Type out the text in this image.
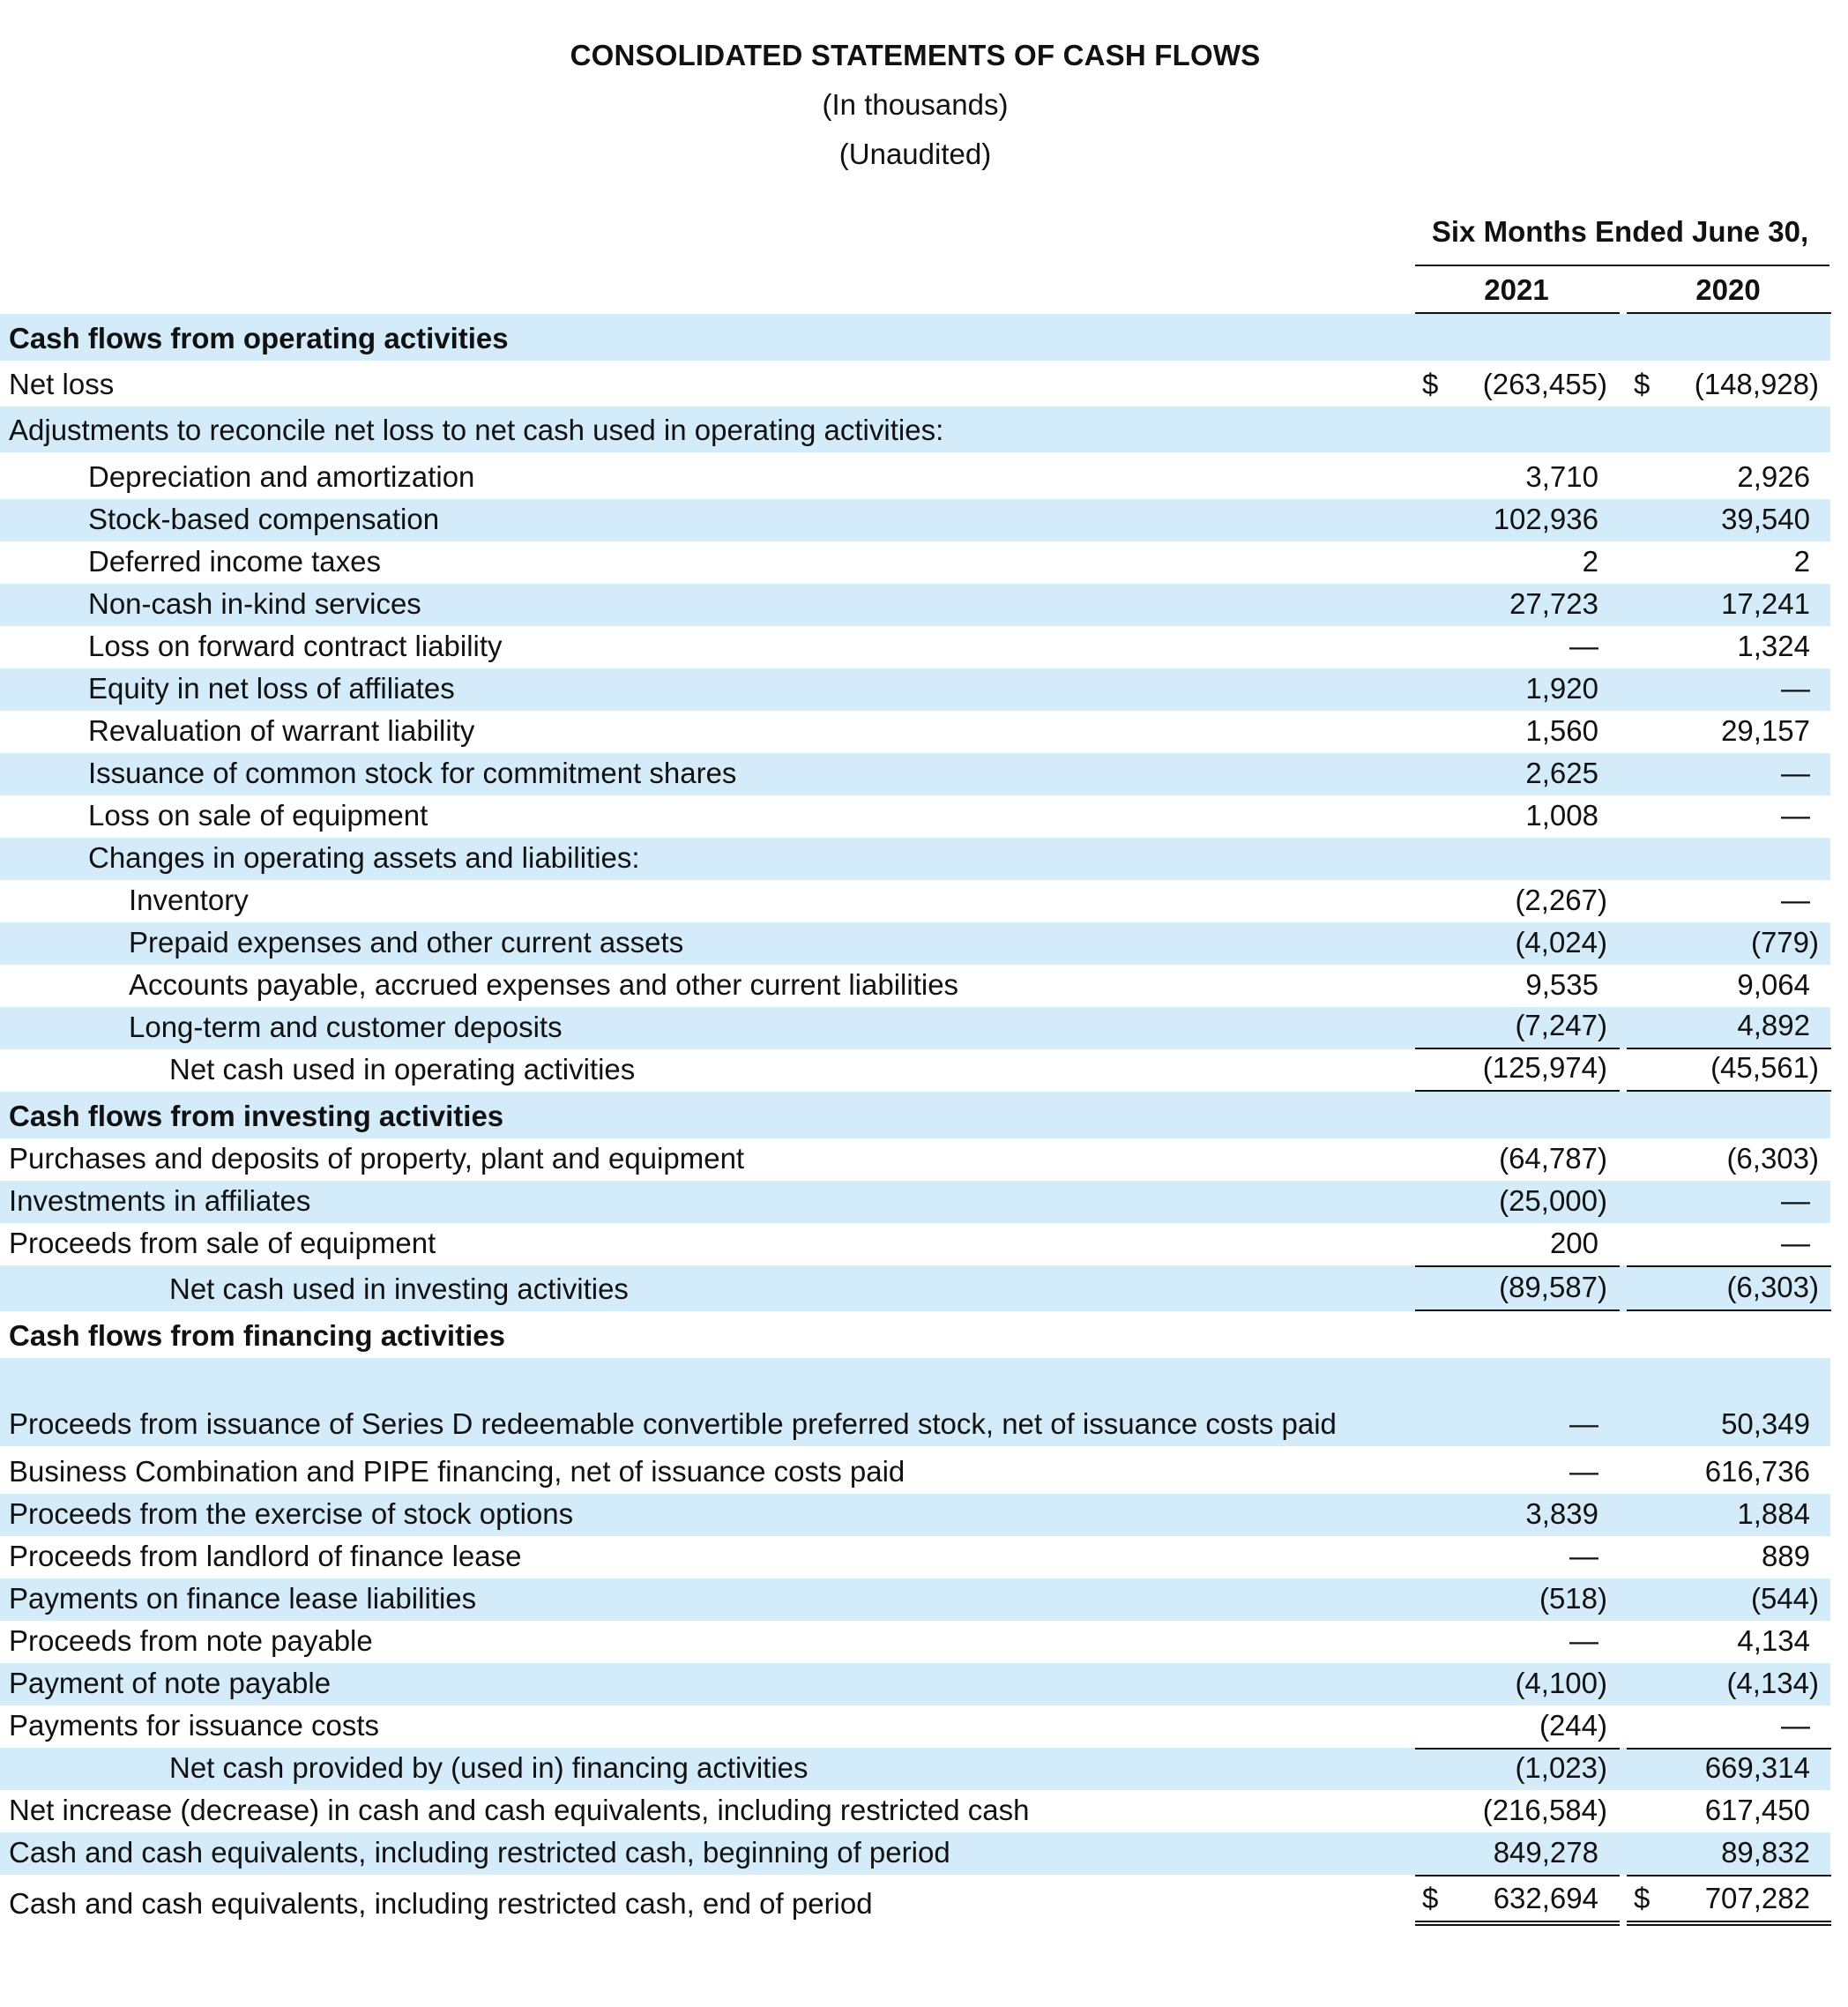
CONSOLIDATED STATEMENTS OF CASH FLOWS
(In thousands)
(Unaudited)
Six Months Ended June 30,
2021	2020
Cash flows from operating activities
Net loss	$ (263,455) $ (148,928)
Adjustments to reconcile net loss to net cash used in operating activities:
Depreciation and amortization	3,710	2,926
Stock-based compensation	102,936	39,540
Deferred income taxes	2	2
Non-cash in-kind services	27,723	17,241
Loss on forward contract liability	—	1,324
Equity in net loss of affiliates	1,920	—
Revaluation of warrant liability	1,560	29,157
Issuance of common stock for commitment shares	2,625	—
Loss on sale of equipment	1,008	—
Changes in operating assets and liabilities:
Inventory	(2,267)	—
Prepaid expenses and other current assets	(4,024)	(779)
Accounts payable, accrued expenses and other current liabilities	9,535	9,064
Long-term and customer deposits	(7,247)	4,892
Net cash used in operating activities	(125,974)	(45,561)
Cash flows from investing activities
Purchases and deposits of property, plant and equipment	(64,787)	(6,303)
Investments in affiliates	(25,000)	—
Proceeds from sale of equipment	200	—
Net cash used in investing activities	(89,587)	(6,303)
Cash flows from financing activities
Proceeds from issuance of Series D redeemable convertible preferred stock, net of issuance costs paid	—	50,349
Business Combination and PIPE financing, net of issuance costs paid	—	616,736
Proceeds from the exercise of stock options	3,839	1,884
Proceeds from landlord of finance lease	—	889
Payments on finance lease liabilities	(518)	(544)
Proceeds from note payable	—	4,134
Payment of note payable	(4,100)	(4,134)
Payments for issuance costs	(244)	—
Net cash provided by (used in) financing activities	(1,023)	669,314
Net increase (decrease) in cash and cash equivalents, including restricted cash	(216,584)	617,450
Cash and cash equivalents, including restricted cash, beginning of period	849,278	89,832
Cash and cash equivalents, including restricted cash, end of period	$ 632,694 $ 707,282
